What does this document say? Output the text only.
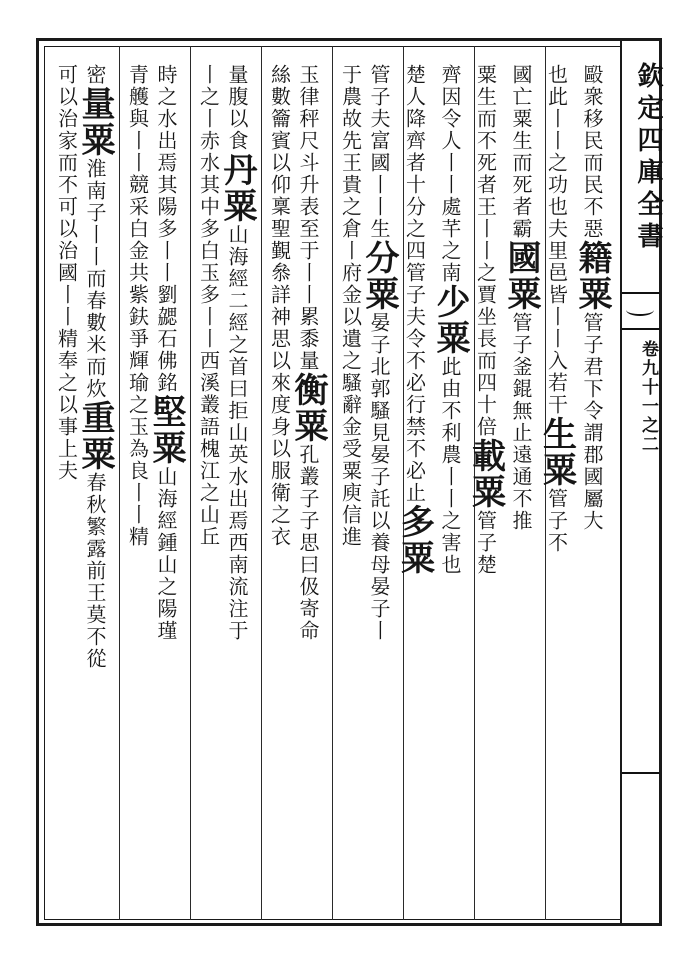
欽定四庫全書
卷九十一之二
毆衆移民而民不惡籍粟管子君下令謂郡國屬大
也此丨丨之功也夫里邑皆丨丨入若干生粟管子不
國亡粟生而死者霸國粟管子釜錕無止遠通不推
粟生而不死者王丨丨之賈坐長而四十倍載粟管子楚
齊因令人丨丨處芊之南少粟此由不利農丨丨之害也
楚人降齊者十分之四管子夫令不必行禁不必止多粟
管子夫富國丨丨生分粟晏子北郭騷見晏子託以養母晏子丨
于農故先王貴之倉丨府金以遺之騷辭金受粟庾信進
玉律秤尺斗升表至于丨丨累黍量衡粟孔叢子子思曰伋寄命
絲數籥賓以仰稟聖覲叅詳神思以來度身以服衛之衣
量腹以食丹粟山海經二經之首曰拒山英水出焉西南流注于
丨之丨赤水其中多白玉多丨丨西溪叢語槐江之山丘
時之水出焉其陽多丨丨劉勰石佛銘堅粟山海經鍾山之陽瑾
青艧與丨丨競采白金共紫鈇爭輝瑜之玉為良丨丨精
密量粟淮南子丨丨而春數米而炊重粟春秋繁露前王莫不從
可以治家而不可以治國丨丨精奉之以事上夫
